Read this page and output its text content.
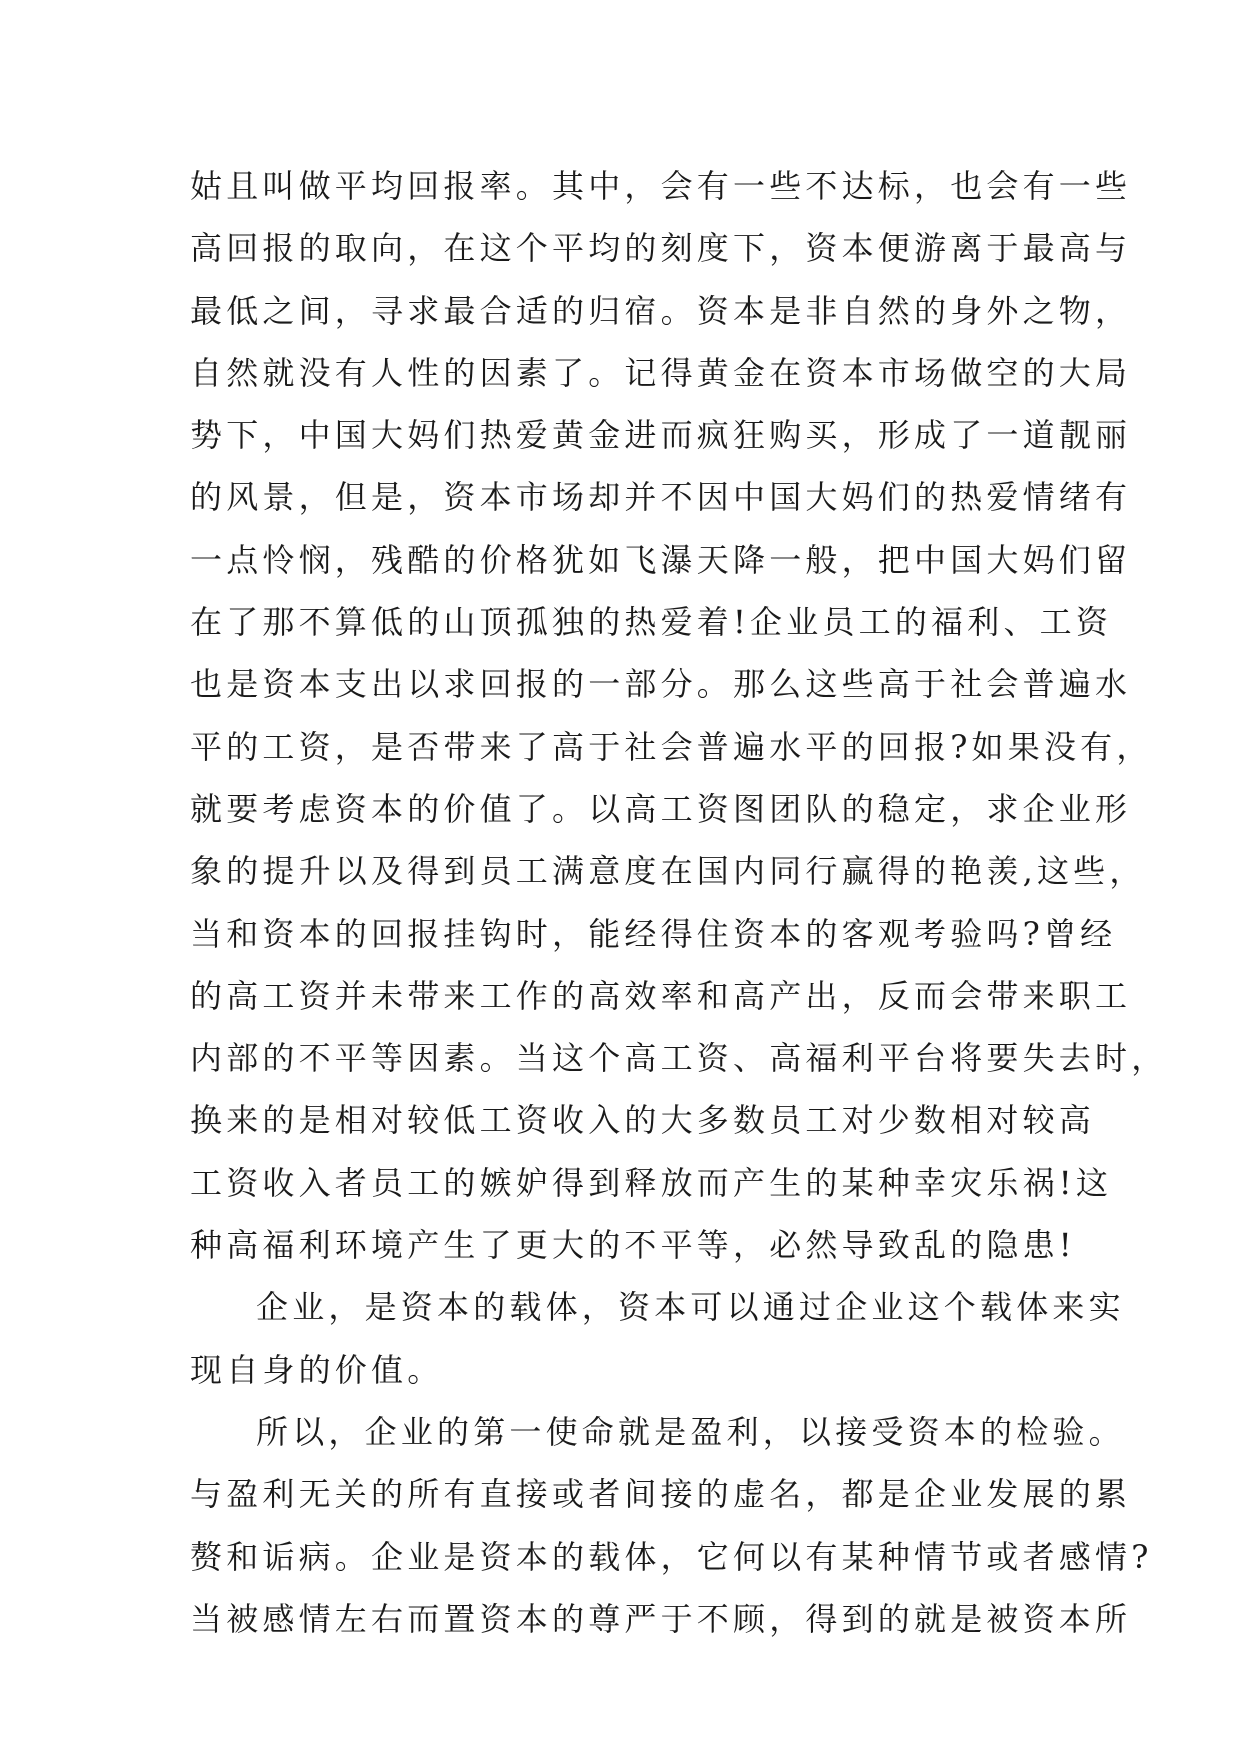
姑且叫做平均回报率。其中，会有一些不达标，也会有一些
高回报的取向，在这个平均的刻度下，资本便游离于最高与
最低之间，寻求最合适的归宿。资本是非自然的身外之物，
自然就没有人性的因素了。记得黄金在资本市场做空的大局
势下，中国大妈们热爱黄金进而疯狂购买，形成了一道靓丽
的风景，但是，资本市场却并不因中国大妈们的热爱情绪有
一点怜悯，残酷的价格犹如飞瀑天降一般，把中国大妈们留
在了那不算低的山顶孤独的热爱着!企业员工的福利、工资
也是资本支出以求回报的一部分。那么这些高于社会普遍水
平的工资，是否带来了高于社会普遍水平的回报?如果没有，
就要考虑资本的价值了。以高工资图团队的稳定，求企业形
象的提升以及得到员工满意度在国内同行赢得的艳羡,这些，
当和资本的回报挂钩时，能经得住资本的客观考验吗?曾经
的高工资并未带来工作的高效率和高产出，反而会带来职工
内部的不平等因素。当这个高工资、高福利平台将要失去时，
换来的是相对较低工资收入的大多数员工对少数相对较高
工资收入者员工的嫉妒得到释放而产生的某种幸灾乐祸!这
种高福利环境产生了更大的不平等，必然导致乱的隐患!
企业，是资本的载体，资本可以通过企业这个载体来实
现自身的价值。
所以，企业的第一使命就是盈利，以接受资本的检验。
与盈利无关的所有直接或者间接的虚名，都是企业发展的累
赘和诟病。企业是资本的载体，它何以有某种情节或者感情?
当被感情左右而置资本的尊严于不顾，得到的就是被资本所
